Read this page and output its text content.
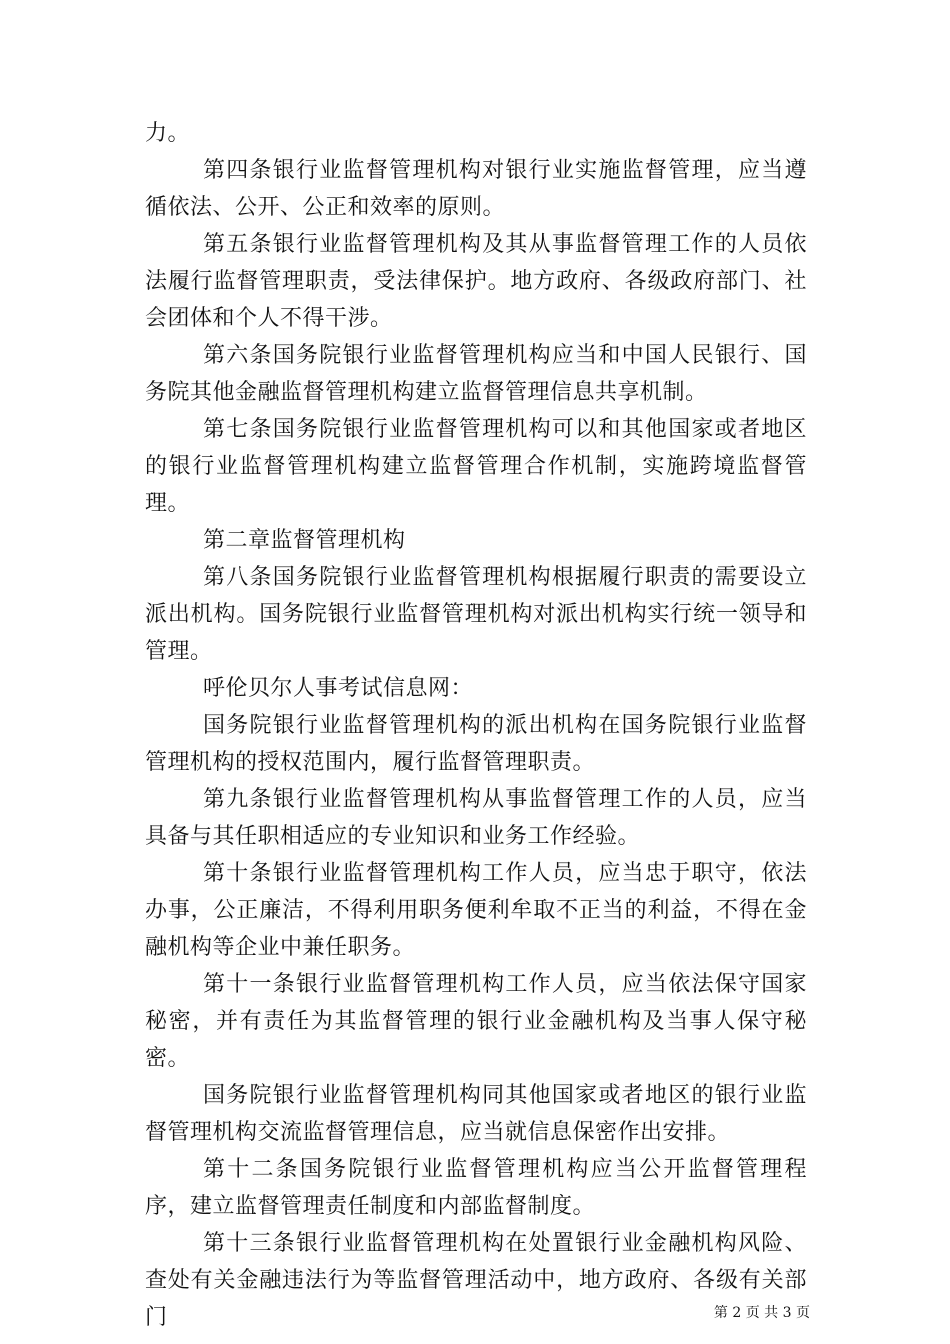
力。

第四条银行业监督管理机构对银行业实施监督管理，应当遵循依法、公开、公正和效率的原则。

第五条银行业监督管理机构及其从事监督管理工作的人员依法履行监督管理职责，受法律保护。地方政府、各级政府部门、社会团体和个人不得干涉。

第六条国务院银行业监督管理机构应当和中国人民银行、国务院其他金融监督管理机构建立监督管理信息共享机制。

第七条国务院银行业监督管理机构可以和其他国家或者地区的银行业监督管理机构建立监督管理合作机制，实施跨境监督管理。

第二章监督管理机构

第八条国务院银行业监督管理机构根据履行职责的需要设立派出机构。国务院银行业监督管理机构对派出机构实行统一领导和管理。

呼伦贝尔人事考试信息网：

国务院银行业监督管理机构的派出机构在国务院银行业监督管理机构的授权范围内，履行监督管理职责。

第九条银行业监督管理机构从事监督管理工作的人员，应当具备与其任职相适应的专业知识和业务工作经验。

第十条银行业监督管理机构工作人员，应当忠于职守，依法办事，公正廉洁，不得利用职务便利牟取不正当的利益，不得在金融机构等企业中兼任职务。

第十一条银行业监督管理机构工作人员，应当依法保守国家秘密，并有责任为其监督管理的银行业金融机构及当事人保守秘密。

国务院银行业监督管理机构同其他国家或者地区的银行业监督管理机构交流监督管理信息，应当就信息保密作出安排。

第十二条国务院银行业监督管理机构应当公开监督管理程序，建立监督管理责任制度和内部监督制度。

第十三条银行业监督管理机构在处置银行业金融机构风险、查处有关金融违法行为等监督管理活动中，地方政府、各级有关部门	第 2 页 共 3 页
